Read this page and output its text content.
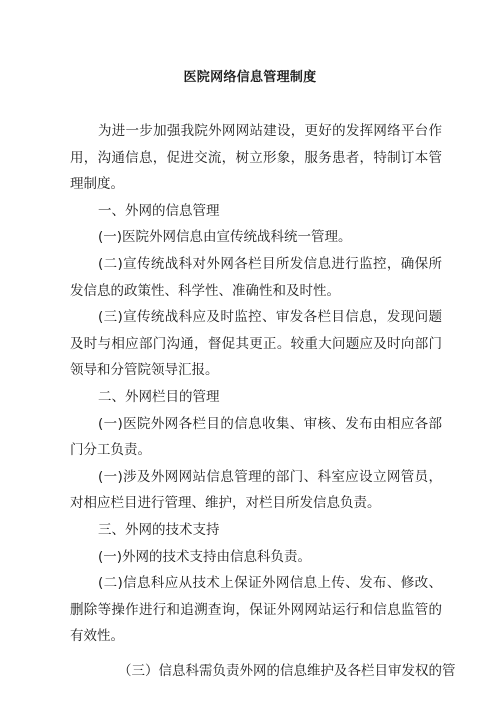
医院网络信息管理制度

为进一步加强我院外网网站建设，更好的发挥网络平台作用，沟通信息，促进交流，树立形象，服务患者，特制订本管理制度。

一、外网的信息管理

(一)医院外网信息由宣传统战科统一管理。

(二)宣传统战科对外网各栏目所发信息进行监控，确保所发信息的政策性、科学性、准确性和及时性。

(三)宣传统战科应及时监控、审发各栏目信息，发现问题及时与相应部门沟通，督促其更正。较重大问题应及时向部门领导和分管院领导汇报。

二、外网栏目的管理

(一)医院外网各栏目的信息收集、审核、发布由相应各部门分工负责。

(一)涉及外网网站信息管理的部门、科室应设立网管员，对相应栏目进行管理、维护，对栏目所发信息负责。

三、外网的技术支持

(一)外网的技术支持由信息科负责。

(二)信息科应从技术上保证外网信息上传、发布、修改、删除等操作进行和追溯查询，保证外网网站运行和信息监管的有效性。

（三）信息科需负责外网的信息维护及各栏目审发权的管
